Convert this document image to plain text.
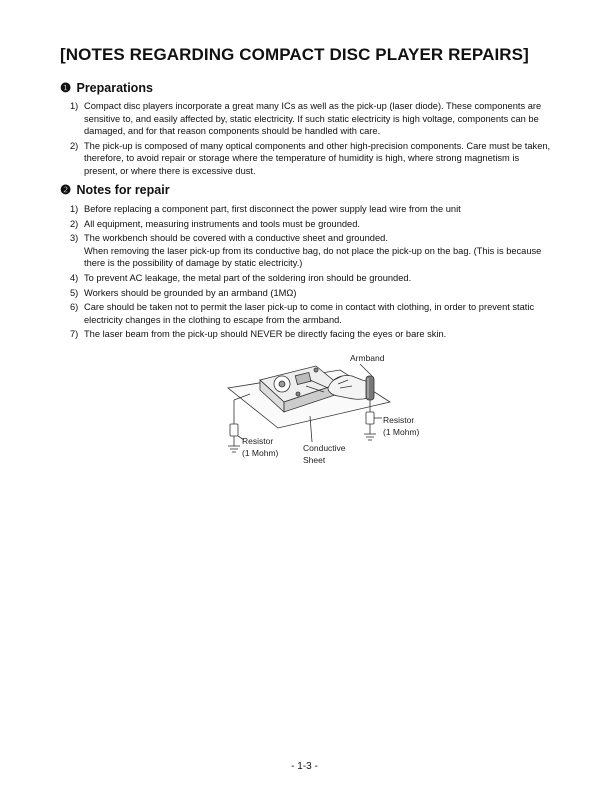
[NOTES REGARDING COMPACT DISC PLAYER REPAIRS]
❶ Preparations
1) Compact disc players incorporate a great many ICs as well as the pick-up (laser diode). These components are sensitive to, and easily affected by, static electricity. If such static electricity is high voltage, components can be damaged, and for that reason components should be handled with care.
2) The pick-up is composed of many optical components and other high-precision components. Care must be taken, therefore, to avoid repair or storage where the temperature of humidity is high, where strong magnetism is present, or where there is excessive dust.
❷ Notes for repair
1) Before replacing a component part, first disconnect the power supply lead wire from the unit
2) All equipment, measuring instruments and tools must be grounded.
3) The workbench should be covered with a conductive sheet and grounded.
When removing the laser pick-up from its conductive bag, do not place the pick-up on the bag. (This is because there is the possibility of damage by static electricity.)
4) To prevent AC leakage, the metal part of the soldering iron should be grounded.
5) Workers should be grounded by an armband (1MΩ)
6) Care should be taken not to permit the laser pick-up to come in contact with clothing, in order to prevent static electricity changes in the clothing to escape from the armband.
7) The laser beam from the pick-up should NEVER be directly facing the eyes or bare skin.
Armband
Resistor
(1 Mohm)
Resistor
(1 Mohm)	Conductive
Sheet
- 1-3 -
